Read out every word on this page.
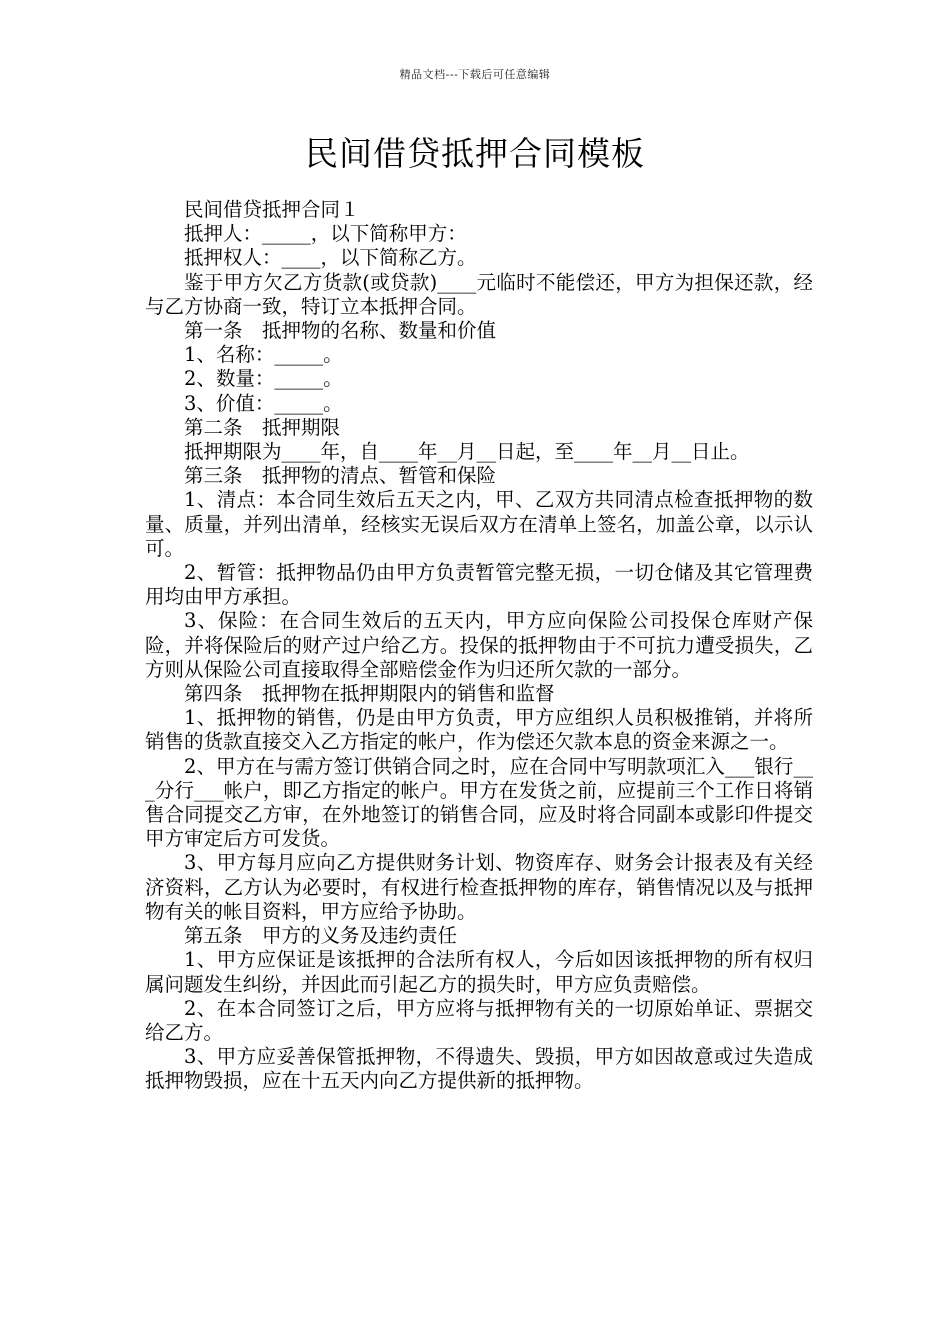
精品文档---下载后可任意编辑
民间借贷抵押合同模板

民间借贷抵押合同１

抵押人：_____，以下简称甲方：

抵押权人：____，以下简称乙方。

鉴于甲方欠乙方货款(或贷款)____元临时不能偿还，甲方为担保还款，经与乙方协商一致，特订立本抵押合同。

第一条　抵押物的名称、数量和价值

1、名称：_____。

2、数量：_____。

3、价值：_____。

第二条　抵押期限

抵押期限为____年，自____年__月__日起，至____年__月__日止。

第三条　抵押物的清点、暂管和保险

1、清点：本合同生效后五天之内，甲、乙双方共同清点检查抵押物的数量、质量，并列出清单，经核实无误后双方在清单上签名，加盖公章，以示认可。

2、暂管：抵押物品仍由甲方负责暂管完整无损，一切仓储及其它管理费用均由甲方承担。

3、保险：在合同生效后的五天内，甲方应向保险公司投保仓库财产保险，并将保险后的财产过户给乙方。投保的抵押物由于不可抗力遭受损失，乙方则从保险公司直接取得全部赔偿金作为归还所欠款的一部分。

第四条　抵押物在抵押期限内的销售和监督

1、抵押物的销售，仍是由甲方负责，甲方应组织人员积极推销，并将所销售的货款直接交入乙方指定的帐户，作为偿还欠款本息的资金来源之一。

2、甲方在与需方签订供销合同之时，应在合同中写明款项汇入___银行___分行___帐户，即乙方指定的帐户。甲方在发货之前，应提前三个工作日将销售合同提交乙方审，在外地签订的销售合同，应及时将合同副本或影印件提交甲方审定后方可发货。

3、甲方每月应向乙方提供财务计划、物资库存、财务会计报表及有关经济资料，乙方认为必要时，有权进行检查抵押物的库存，销售情况以及与抵押物有关的帐目资料，甲方应给予协助。

第五条　甲方的义务及违约责任

1、甲方应保证是该抵押的合法所有权人，今后如因该抵押物的所有权归属问题发生纠纷，并因此而引起乙方的损失时，甲方应负责赔偿。

2、在本合同签订之后，甲方应将与抵押物有关的一切原始单证、票据交给乙方。

3、甲方应妥善保管抵押物，不得遗失、毁损，甲方如因故意或过失造成抵押物毁损，应在十五天内向乙方提供新的抵押物。
